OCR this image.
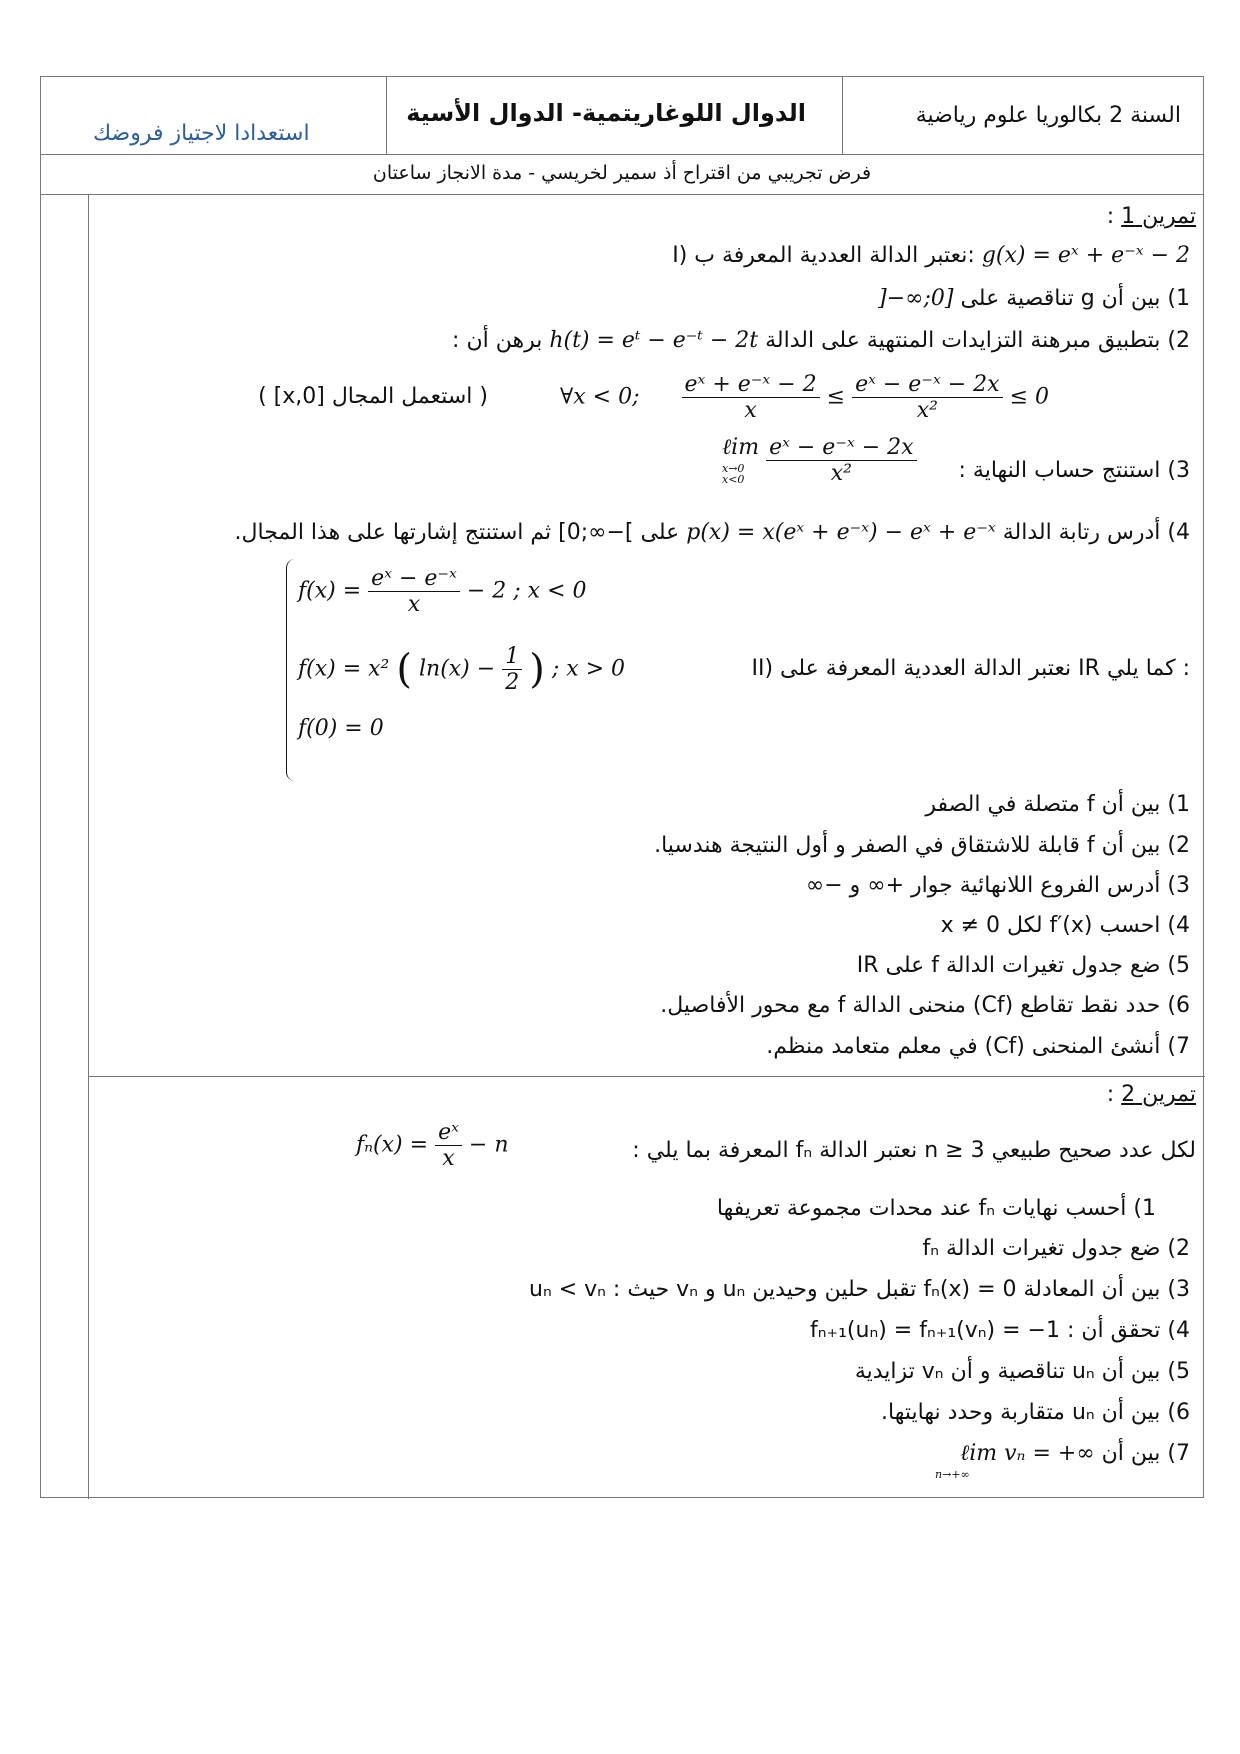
استعدادا لاجتياز فروضك
الدوال اللوغاريتمية- الدوال الأسية	السنة 2 بكالوريا علوم رياضية
فرض تجريبي من اقتراح أذ سمير لخريسي - مدة الانجاز ساعتان
تمرين 1 :
I) نعتبر الدالة العددية المعرفة ب: g(x) = eˣ + e⁻ˣ − 2
1) بين أن g تناقصية على ]−∞;0]
2) بتطبيق مبرهنة التزايدات المنتهية على الدالة h(t) = eᵗ − e⁻ᵗ − 2t برهن أن :
∀x < 0; $\frac{\text{eˣ + e⁻ˣ − 2}}{x} \le \frac{\text{eˣ − e⁻ˣ − 2x}}{\text{x²}} \le 0$
( استعمل المجال [x,0] )
3) استنتج حساب النهاية :
ℓim
x→0
x<0
$\frac{\text{eˣ − e⁻ˣ − 2x}}{\text{x²}}$
4) أدرس رتابة الدالة p(x) = x(eˣ + e⁻ˣ) − eˣ + e⁻ˣ على ]−∞;0] ثم استنتج إشارتها على هذا المجال.
$f(x) = \frac{\text{eˣ − e⁻ˣ}}{x} - 2$ ; x < 0
f(x) = x² ( $\ln(x) - \frac{1}{2}$ ) ; x > 0
f(0) = 0
II) نعتبر الدالة العددية المعرفة على IR كما يلي :
1) بين أن f متصلة في الصفر
2) بين أن f قابلة للاشتقاق في الصفر و أول النتيجة هندسيا.
3) أدرس الفروع اللانهائية جوار +∞ و −∞
4) احسب f′(x) لكل x ≠ 0
5) ضع جدول تغيرات الدالة f على IR
6) حدد نقط تقاطع (Cf) منحنى الدالة f مع محور الأفاصيل.
7) أنشئ المنحنى (Cf) في معلم متعامد منظم.
تمرين 2 :
لكل عدد صحيح طبيعي n ≥ 3 نعتبر الدالة fₙ المعرفة بما يلي :
$f_n(x) = \frac{\text{eˣ}}{x} - n$
1) أحسب نهايات fₙ عند محدات مجموعة تعريفها
2) ضع جدول تغيرات الدالة fₙ
3) بين أن المعادلة fₙ(x) = 0 تقبل حلين وحيدين uₙ و vₙ حيث : uₙ < vₙ
4) تحقق أن : fₙ₊₁(uₙ) = fₙ₊₁(vₙ) = −1
5) بين أن uₙ تناقصية و أن vₙ تزايدية
6) بين أن uₙ متقاربة وحدد نهايتها.
7) بين أن ℓim vₙ = +∞
n→+∞
